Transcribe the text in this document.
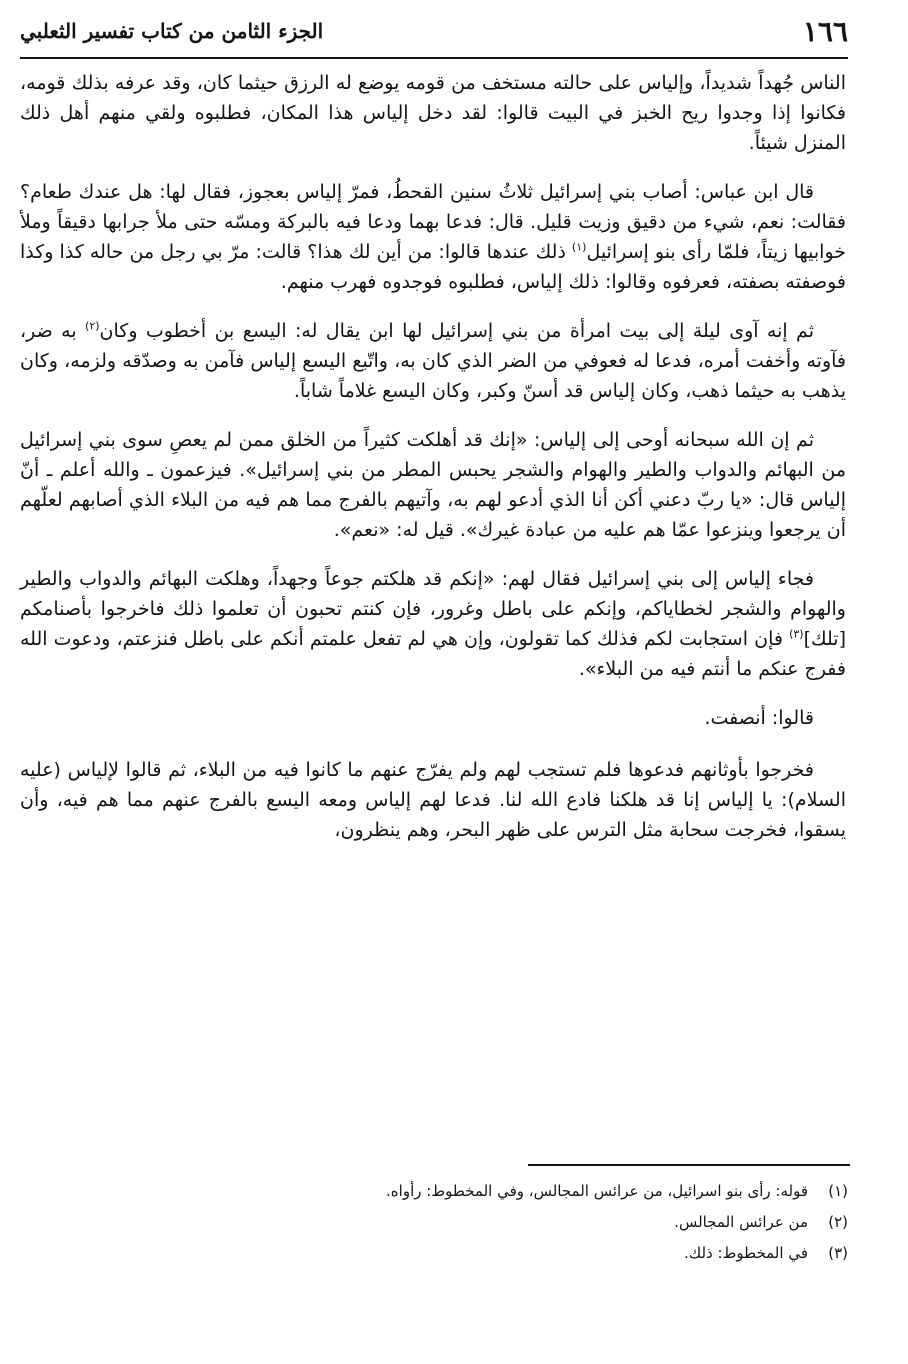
١٦٦
الجزء الثامن من كتاب تفسير الثعلبي

الناس جُهداً شديداً، وإلياس على حالته مستخف من قومه يوضع له الرزق حيثما كان، وقد عرفه بذلك قومه، فكانوا إذا وجدوا ريح الخبز في البيت قالوا: لقد دخل إلياس هذا المكان، فطلبوه ولقي منهم أهل ذلك المنزل شيئاً.

قال ابن عباس: أصاب بني إسرائيل ثلاثُ سنين القحطُ، فمرّ إلياس بعجوز، فقال لها: هل عندك طعام؟ فقالت: نعم، شيء من دقيق وزيت قليل. قال: فدعا بهما ودعا فيه بالبركة ومسّه حتى ملأ جرابها دقيقاً وملأ خوابيها زيتاً، فلمّا رأى بنو إسرائيل$^{(١)}$ ذلك عندها قالوا: من أين لك هذا؟ قالت: مرّ بي رجل من حاله كذا وكذا فوصفته بصفته، فعرفوه وقالوا: ذلك إلياس، فطلبوه فوجدوه فهرب منهم.

ثم إنه آوى ليلة إلى بيت امرأة من بني إسرائيل لها ابن يقال له: اليسع بن أخطوب وكان$^{(٢)}$ به ضر، فآوته وأخفت أمره، فدعا له فعوفي من الضر الذي كان به، واتّبع اليسع إلياس فآمن به وصدّقه ولزمه، وكان يذهب به حيثما ذهب، وكان إلياس قد أسنّ وكبر، وكان اليسع غلاماً شاباً.

ثم إن الله سبحانه أوحى إلى إلياس: «إنك قد أهلكت كثيراً من الخلق ممن لم يعصِ سوى بني إسرائيل من البهائم والدواب والطير والهوام والشجر يحبس المطر من بني إسرائيل». فيزعمون ـ والله أعلم ـ أنّ إلياس قال: «يا ربّ دعني أكن أنا الذي أدعو لهم به، وآتيهم بالفرج مما هم فيه من البلاء الذي أصابهم لعلّهم أن يرجعوا وينزعوا عمّا هم عليه من عبادة غيرك». قيل له: «نعم».

فجاء إلياس إلى بني إسرائيل فقال لهم: «إنكم قد هلكتم جوعاً وجهداً، وهلكت البهائم والدواب والطير والهوام والشجر لخطاياكم، وإنكم على باطل وغرور، فإن كنتم تحبون أن تعلموا ذلك فاخرجوا بأصنامكم [تلك]$^{(٣)}$ فإن استجابت لكم فذلك كما تقولون، وإن هي لم تفعل علمتم أنكم على باطل فنزعتم، ودعوت الله ففرج عنكم ما أنتم فيه من البلاء».

قالوا: أنصفت.

فخرجوا بأوثانهم فدعوها فلم تستجب لهم ولم يفرّج عنهم ما كانوا فيه من البلاء، ثم قالوا لإلياس (عليه السلام): يا إلياس إنا قد هلكنا فادع الله لنا. فدعا لهم إلياس ومعه اليسع بالفرج عنهم مما هم فيه، وأن يسقوا، فخرجت سحابة مثل الترس على ظهر البحر، وهم ينظرون،

(١)
قوله: رأى بنو اسرائيل، من عرائس المجالس، وفي المخطوط: رأواه.
(٢)
من عرائس المجالس.
(٣)
في المخطوط: ذلك.
